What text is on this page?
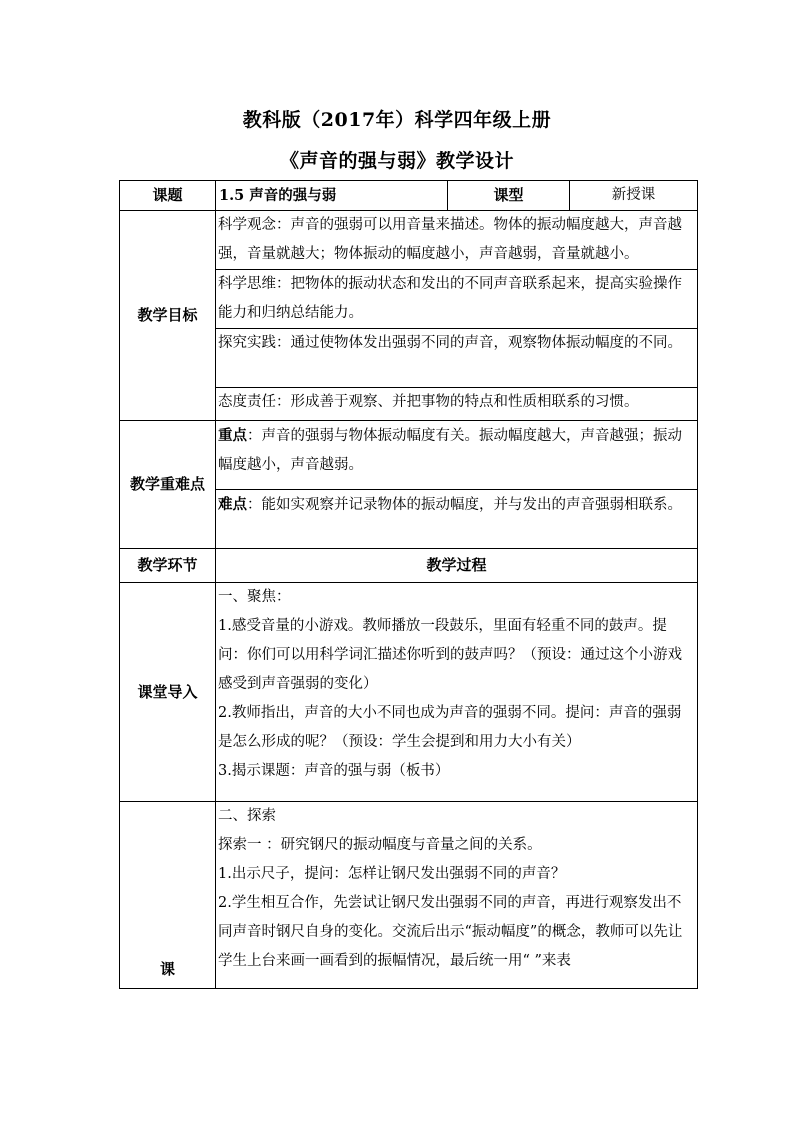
教科版（2017年）科学四年级上册
《声音的强与弱》教学设计
课题	1.5 声音的强与弱	课型	新授课
教学目标	科学观念：声音的强弱可以用音量来描述。物体的振动幅度越大，声音越强，音量就越大；物体振动的幅度越小，声音越弱，音量就越小。		
	科学思维：把物体的振动状态和发出的不同声音联系起来，提高实验操作能力和归纳总结能力。		
	探究实践：通过使物体发出强弱不同的声音，观察物体振动幅度的不同。		
	态度责任：形成善于观察、并把事物的特点和性质相联系的习惯。		
教学重难点	重点：声音的强弱与物体振动幅度有关。振动幅度越大，声音越强；振动幅度越小，声音越弱。		
	难点：能如实观察并记录物体的振动幅度，并与发出的声音强弱相联系。		
教学环节	教学过程		
课堂导入	一、聚焦：
1.感受音量的小游戏。教师播放一段鼓乐，里面有轻重不同的鼓声。提问：你们可以用科学词汇描述你听到的鼓声吗？（预设：通过这个小游戏感受到声音强弱的变化）
2.教师指出，声音的大小不同也成为声音的强弱不同。提问：声音的强弱是怎么形成的呢？（预设：学生会提到和用力大小有关）
3.揭示课题：声音的强与弱（板书）		

课	二、探索
探索一 ：研究钢尺的振动幅度与音量之间的关系。
1.出示尺子，提问：怎样让钢尺发出强弱不同的声音？
2.学生相互合作，先尝试让钢尺发出强弱不同的声音，再进行观察发出不同声音时钢尺自身的变化。交流后出示“振动幅度”的概念，教师可以先让学生上台来画一画看到的振幅情况，最后统一用“ ”来表		
